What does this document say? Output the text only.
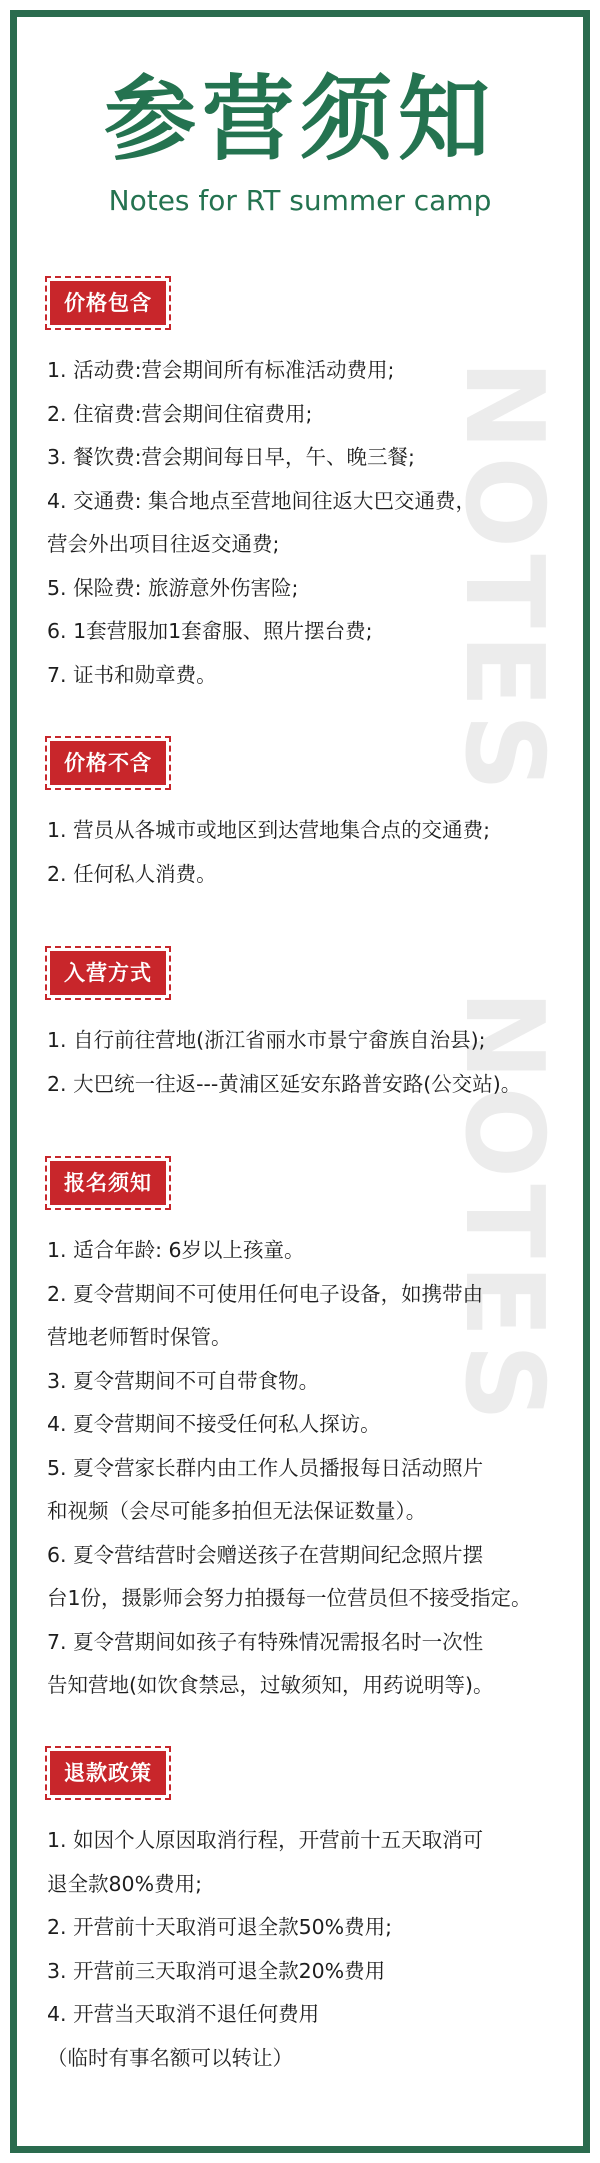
NOTES
NOTES
参营须知
Notes for RT summer camp
价格包含
1. 活动费:营会期间所有标准活动费用;
2. 住宿费:营会期间住宿费用;
3. 餐饮费:营会期间每日早，午、晚三餐;
4. 交通费: 集合地点至营地间往返大巴交通费，
营会外出项目往返交通费;
5. 保险费: 旅游意外伤害险;
6. 1套营服加1套畲服、照片摆台费;
7. 证书和勋章费。
价格不含
1. 营员从各城市或地区到达营地集合点的交通费;
2. 任何私人消费。
入营方式
1. 自行前往营地(浙江省丽水市景宁畲族自治县);
2. 大巴统一往返---黄浦区延安东路普安路(公交站)。
报名须知
1. 适合年龄: 6岁以上孩童。
2. 夏令营期间不可使用任何电子设备，如携带由
营地老师暂时保管。
3. 夏令营期间不可自带食物。
4. 夏令营期间不接受任何私人探访。
5. 夏令营家长群内由工作人员播报每日活动照片
和视频（会尽可能多拍但无法保证数量）。
6. 夏令营结营时会赠送孩子在营期间纪念照片摆
台1份，摄影师会努力拍摄每一位营员但不接受指定。
7. 夏令营期间如孩子有特殊情况需报名时一次性
告知营地(如饮食禁忌，过敏须知，用药说明等)。
退款政策
1. 如因个人原因取消行程，开营前十五天取消可
退全款80%费用;
2. 开营前十天取消可退全款50%费用;
3. 开营前三天取消可退全款20%费用
4. 开营当天取消不退任何费用
（临时有事名额可以转让）
